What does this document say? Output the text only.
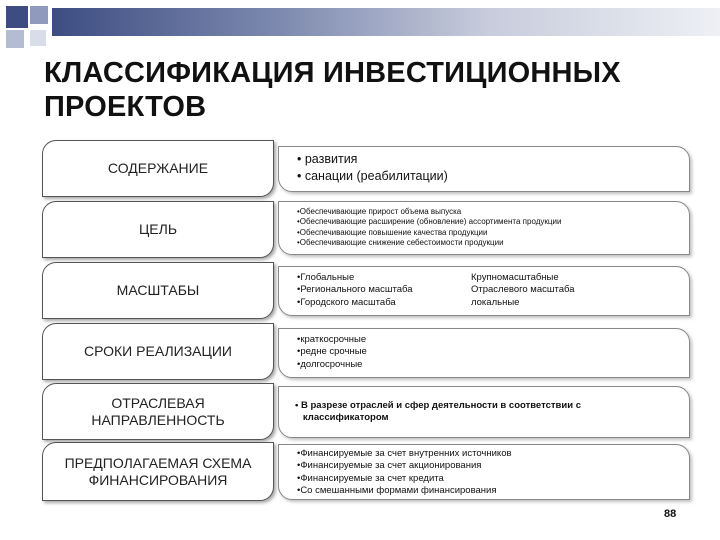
КЛАССИФИКАЦИЯ ИНВЕСТИЦИОННЫХ ПРОЕКТОВ
СОДЕРЖАНИЕ
• развития
• санации (реабилитации)
ЦЕЛЬ
•Обеспечивающие прирост объема выпуска
•Обеспечивающие расширение (обновление) ассортимента продукции
•Обеспечивающие повышение качества продукции
•Обеспечивающие снижение себестоимости продукции
МАСШТАБЫ
•Глобальные
•Регионального масштаба
•Городского масштаба
Крупномасштабные
Отраслевого масштаба
локальные
СРОКИ РЕАЛИЗАЦИИ
•краткосрочные
•редне срочные
•долгосрочные
ОТРАСЛЕВАЯ НАПРАВЛЕННОСТЬ
• В разрезе отраслей и сфер деятельности в соответствии с
классификатором
ПРЕДПОЛАГАЕМАЯ СХЕМА ФИНАНСИРОВАНИЯ
•Финансируемые за счет внутренних источников
•Финансируемые за счет акционирования
•Финансируемые за счет кредита
•Со смешанными формами финансирования
88
